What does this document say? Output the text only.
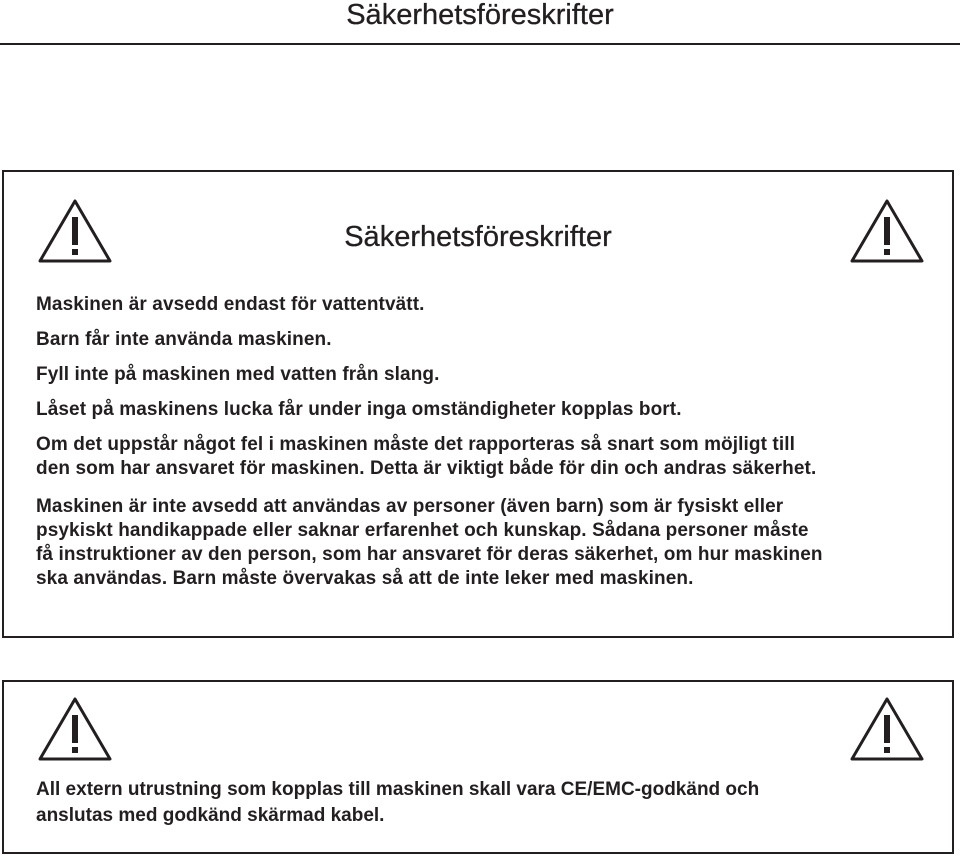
Säkerhetsföreskrifter
Säkerhetsföreskrifter

Maskinen är avsedd endast för vattentvätt.

Barn får inte använda maskinen.

Fyll inte på maskinen med vatten från slang.

Låset på maskinens lucka får under inga omständigheter kopplas bort.

Om det uppstår något fel i maskinen måste det rapporteras så snart som möjligt till

den som har ansvaret för maskinen. Detta är viktigt både för din och andras säkerhet.

Maskinen är inte avsedd att användas av personer (även barn) som är fysiskt eller

psykiskt handikappade eller saknar erfarenhet och kunskap. Sådana personer måste

få instruktioner av den person, som har ansvaret för deras säkerhet, om hur maskinen

ska användas. Barn måste övervakas så att de inte leker med maskinen.

All extern utrustning som kopplas till maskinen skall vara CE/EMC-godkänd och

anslutas med godkänd skärmad kabel.
